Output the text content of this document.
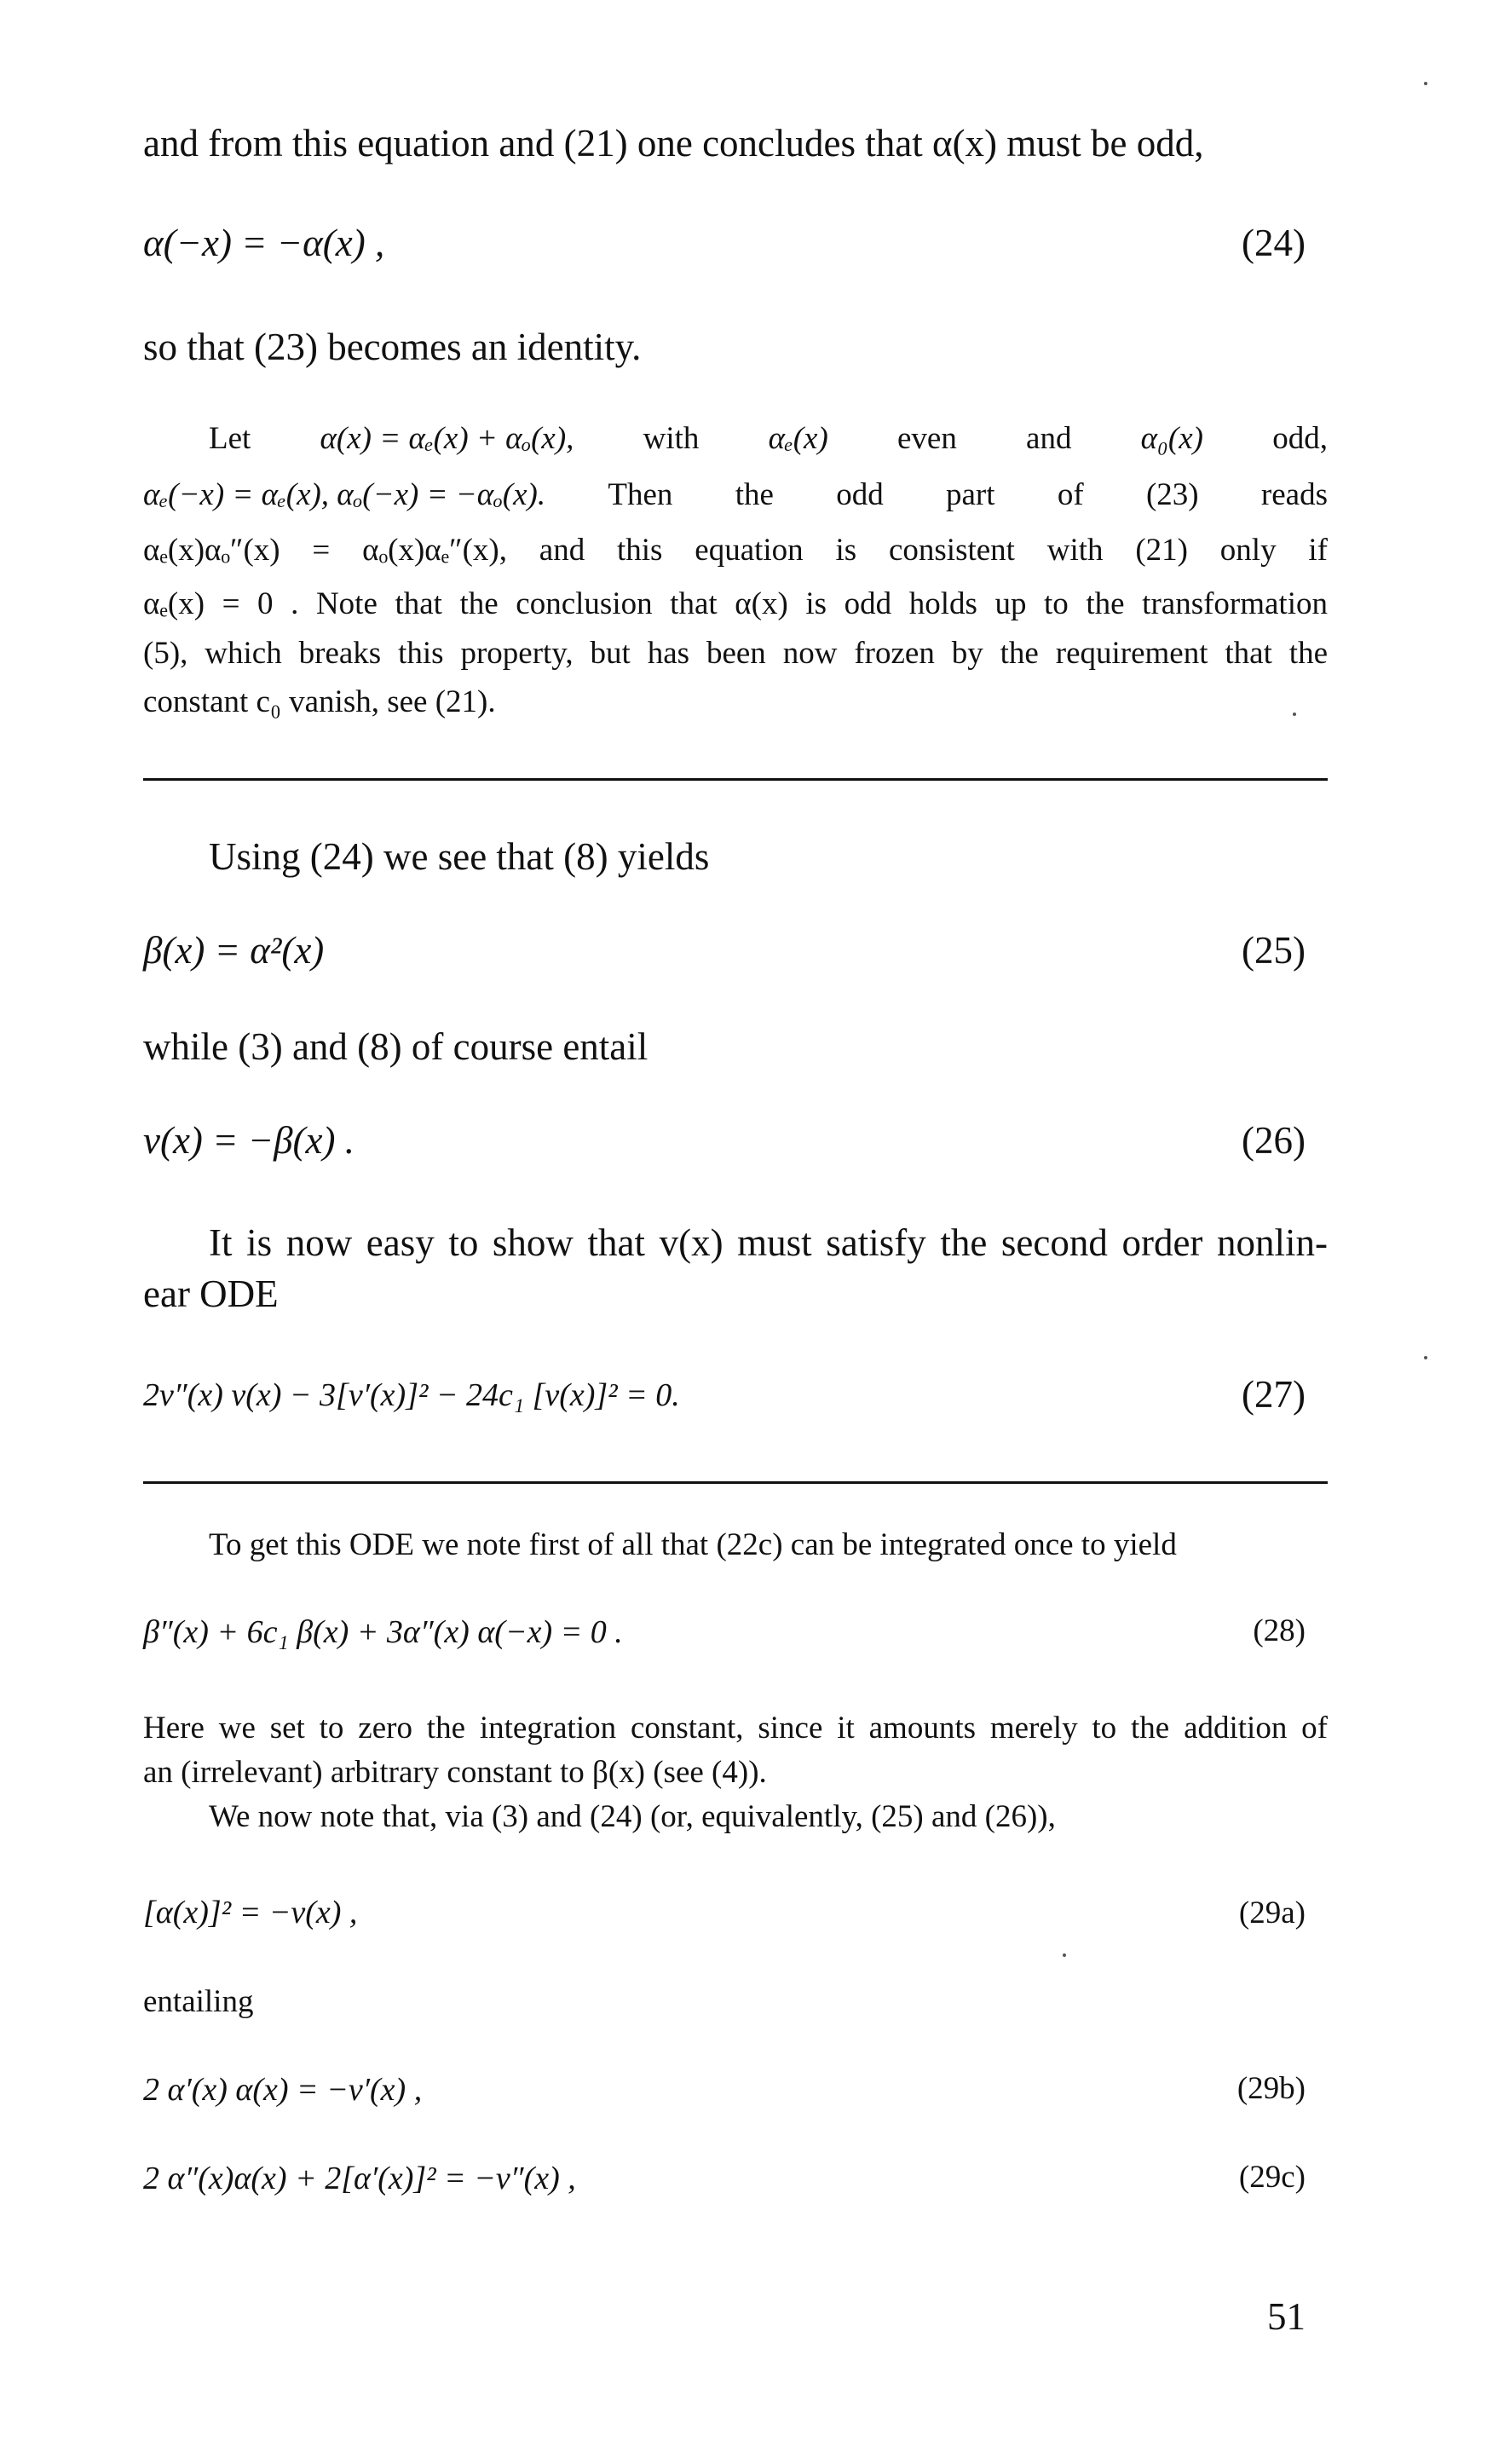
and from this equation and (21) one concludes that α(x) must be odd,
α(−x) = −α(x) ,	(24)
so that (23) becomes an identity.
Let α(x) = αₑ(x) + αₒ(x), with αₑ(x) even and α₀(x) odd,
αₑ(−x) = αₑ(x), αₒ(−x) = −αₒ(x). Then the odd part of (23) reads
αₑ(x)αₒ″(x) = αₒ(x)αₑ″(x), and this equation is consistent with (21) only if
αₑ(x) = 0 . Note that the conclusion that α(x) is odd holds up to the transformation
(5), which breaks this property, but has been now frozen by the requirement that the
constant c₀ vanish, see (21).
Using (24) we see that (8) yields
β(x) = α²(x)	(25)
while (3) and (8) of course entail
v(x) = −β(x) .	(26)
It is now easy to show that v(x) must satisfy the second order nonlin-
ear ODE
2v″(x) v(x) − 3[v′(x)]² − 24c₁ [v(x)]² = 0.	(27)
To get this ODE we note first of all that (22c) can be integrated once to yield
β″(x) + 6c₁ β(x) + 3α″(x) α(−x) = 0 .	(28)
Here we set to zero the integration constant, since it amounts merely to the addition of
an (irrelevant) arbitrary constant to β(x) (see (4)).
We now note that, via (3) and (24) (or, equivalently, (25) and (26)),
[α(x)]² = −v(x) ,	(29a)
entailing
2 α′(x) α(x) = −v′(x) ,	(29b)
2 α″(x)α(x) + 2[α′(x)]² = −v″(x) ,	(29c)
51
